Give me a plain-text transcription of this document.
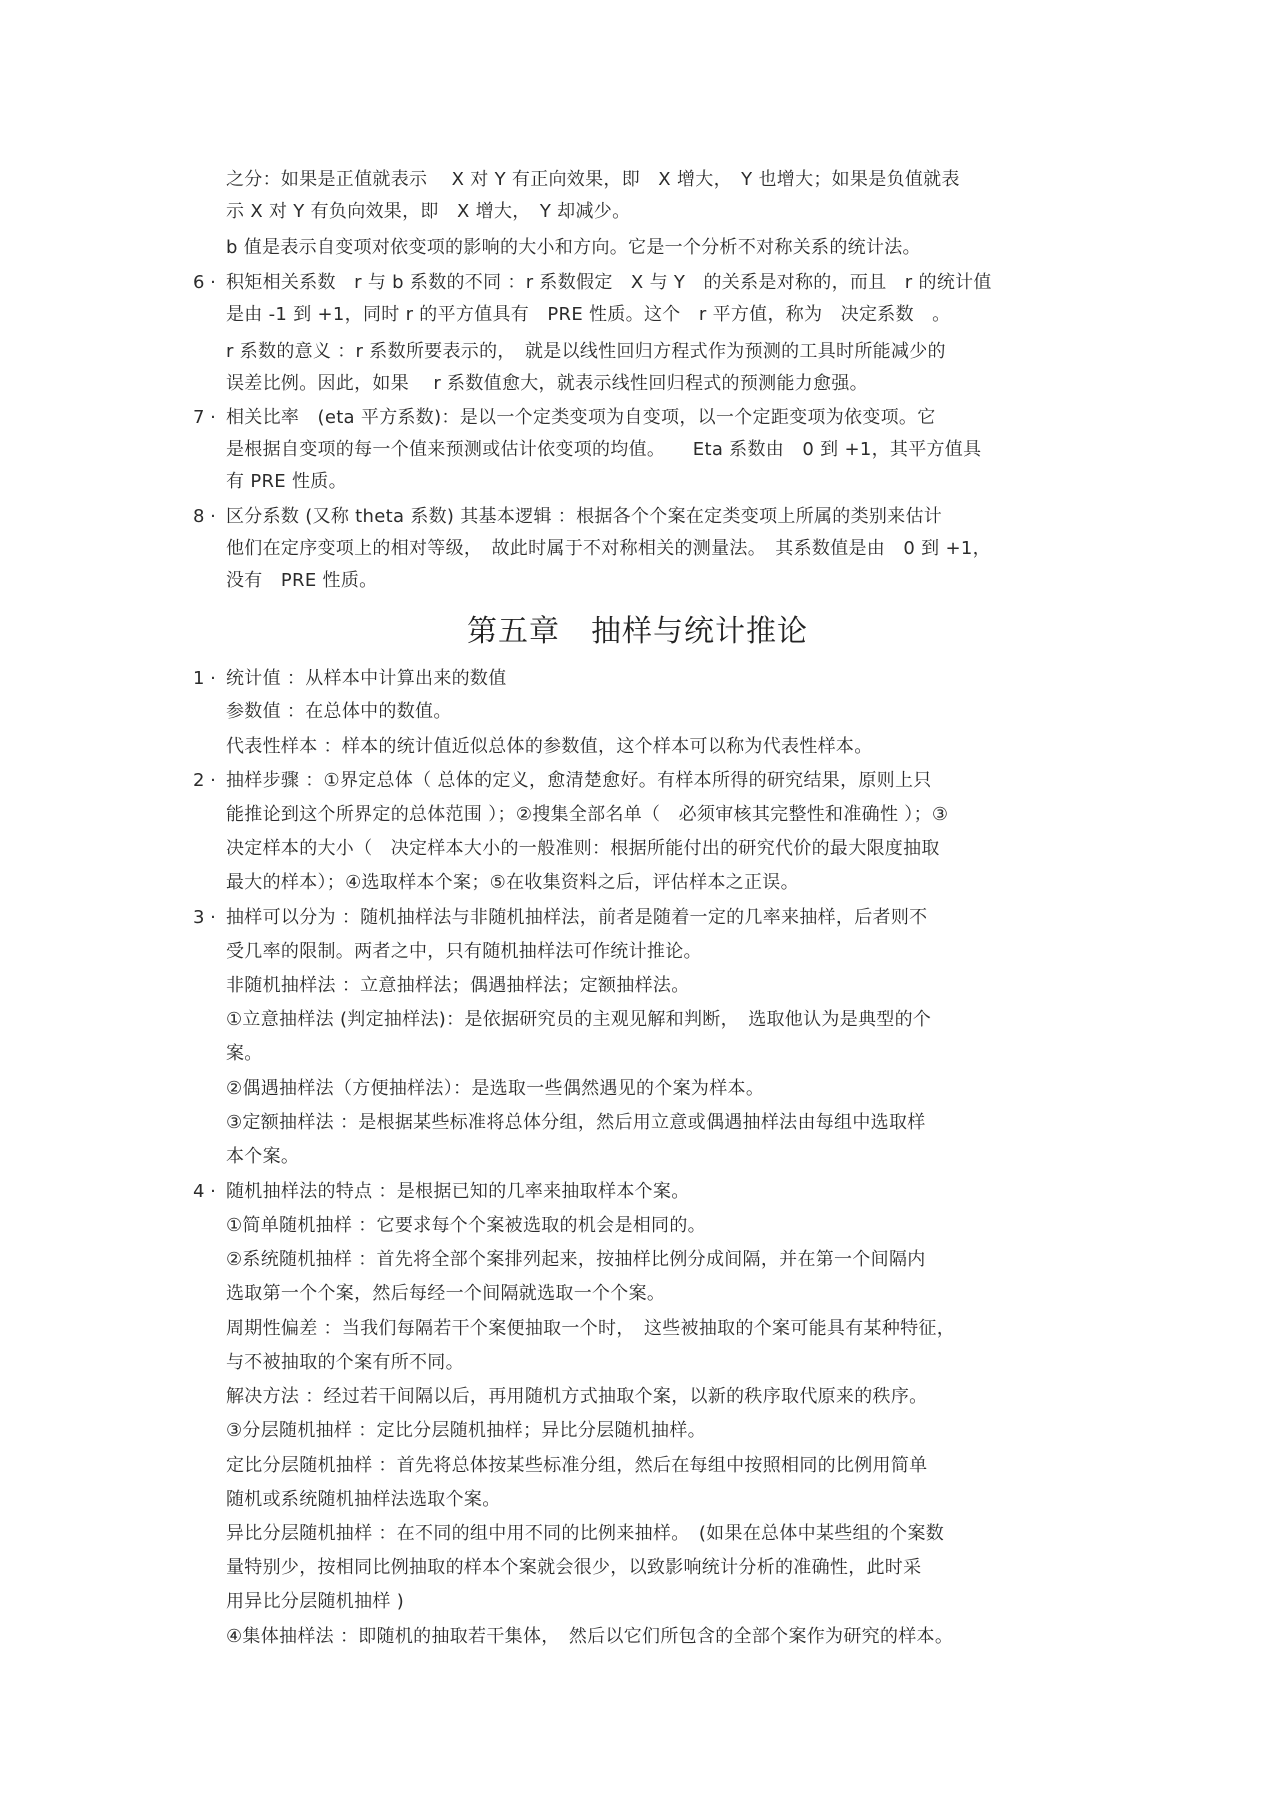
第五章　抽样与统计推论
之分：如果是正值就表示　 X 对 Y 有正向效果，即　X 增大，　Y 也增大；如果是负值就表
示 X 对 Y 有负向效果，即　X 增大，　Y 却减少。
b 值是表示自变项对依变项的影响的大小和方向。它是一个分析不对称关系的统计法。
6 · 积矩相关系数　r 与 b 系数的不同 ：r 系数假定　X 与 Y　的关系是对称的，而且　r 的统计值
是由 -1 到 +1，同时 r 的平方值具有　PRE 性质。这个　r 平方值，称为　决定系数　。
r 系数的意义 ：r 系数所要表示的，　就是以线性回归方程式作为预测的工具时所能减少的
误差比例。因此，如果　 r 系数值愈大，就表示线性回归程式的预测能力愈强。
7 · 相关比率　(eta 平方系数)：是以一个定类变项为自变项，以一个定距变项为依变项。它
是根据自变项的每一个值来预测或估计依变项的均值。　　Eta 系数由　0 到 +1，其平方值具
有 PRE 性质。
8 · 区分系数 (又称 theta 系数) 其基本逻辑 ：根据各个个案在定类变项上所属的类别来估计
他们在定序变项上的相对等级，　故此时属于不对称相关的测量法。　其系数值是由　0 到 +1，
没有　PRE 性质。
1 · 统计值 ：从样本中计算出来的数值
参数值 ：在总体中的数值。
代表性样本 ：样本的统计值近似总体的参数值，这个样本可以称为代表性样本。
2 · 抽样步骤 ：①界定总体（ 总体的定义，愈清楚愈好。有样本所得的研究结果，原则上只
能推论到这个所界定的总体范围 ）；②搜集全部名单（　必须审核其完整性和准确性 ）；③
决定样本的大小（　决定样本大小的一般准则：根据所能付出的研究代价的最大限度抽取
最大的样本）；④选取样本个案；⑤在收集资料之后，评估样本之正误。
3 · 抽样可以分为 ：随机抽样法与非随机抽样法，前者是随着一定的几率来抽样，后者则不
受几率的限制。两者之中，只有随机抽样法可作统计推论。
非随机抽样法 ：立意抽样法；偶遇抽样法；定额抽样法。
①立意抽样法 (判定抽样法)：是依据研究员的主观见解和判断，　选取他认为是典型的个
案。
②偶遇抽样法（方便抽样法）：是选取一些偶然遇见的个案为样本。
③定额抽样法 ：是根据某些标准将总体分组，然后用立意或偶遇抽样法由每组中选取样
本个案。
4 · 随机抽样法的特点 ：是根据已知的几率来抽取样本个案。
①简单随机抽样 ：它要求每个个案被选取的机会是相同的。
②系统随机抽样 ：首先将全部个案排列起来，按抽样比例分成间隔，并在第一个间隔内
选取第一个个案，然后每经一个间隔就选取一个个案。
周期性偏差 ：当我们每隔若干个案便抽取一个时，　这些被抽取的个案可能具有某种特征，
与不被抽取的个案有所不同。
解决方法 ：经过若干间隔以后，再用随机方式抽取个案，以新的秩序取代原来的秩序。
③分层随机抽样 ：定比分层随机抽样；异比分层随机抽样。
定比分层随机抽样 ：首先将总体按某些标准分组，然后在每组中按照相同的比例用简单
随机或系统随机抽样法选取个案。
异比分层随机抽样 ：在不同的组中用不同的比例来抽样。　(如果在总体中某些组的个案数
量特别少，按相同比例抽取的样本个案就会很少，以致影响统计分析的准确性，此时采
用异比分层随机抽样 )
④集体抽样法 ：即随机的抽取若干集体，　然后以它们所包含的全部个案作为研究的样本。
